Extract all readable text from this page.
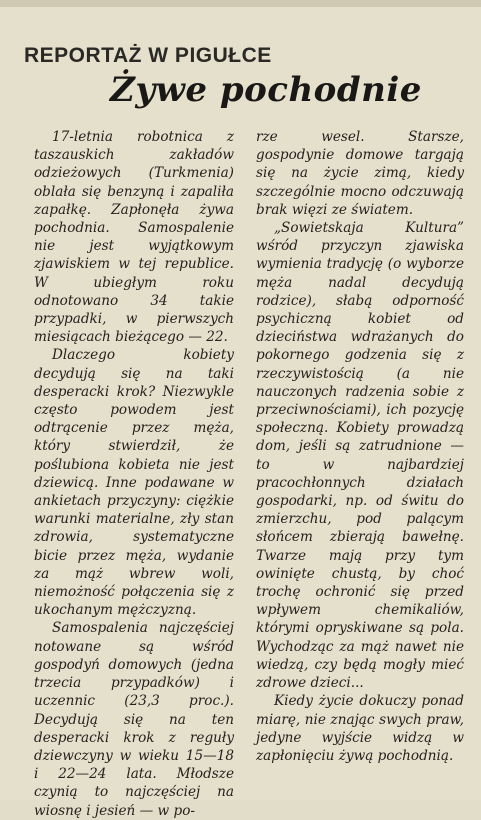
REPORTAŻ W PIGUŁCE
Żywe pochodnie

17-letnia robotnica z taszauskich zakładów odzieżowych (Turkmenia) oblała się benzyną i zapaliła zapałkę. Zapłonęła żywa pochodnia. Samospalenie nie jest wyjątkowym zjawiskiem w tej republice. W ubiegłym roku odnotowano 34 takie przypadki, w pierwszych miesiącach bieżącego — 22.

Dlaczego kobiety decydują się na taki desperacki krok? Niezwykle często powodem jest odtrącenie przez męża, który stwierdził, że poślubiona kobieta nie jest dziewicą. Inne podawane w ankietach przyczyny: ciężkie warunki materialne, zły stan zdrowia, systematyczne bicie przez męża, wydanie za mąż wbrew woli, niemożność połączenia się z ukochanym mężczyzną.

Samospalenia najczęściej notowane są wśród gospodyń domowych (jedna trzecia przypadków) i uczennic (23,3 proc.). Decydują się na ten desperacki krok z reguły dziewczyny w wieku 15—18 i 22—24 lata. Młodsze czynią to najczęściej na wiosnę i jesień — w po-

rze wesel. Starsze, gospodynie domowe targają się na życie zimą, kiedy szczególnie mocno odczuwają brak więzi ze światem.

„Sowietskaja Kultura” wśród przyczyn zjawiska wymienia tradycję (o wyborze męża nadal decydują rodzice), słabą odporność psychiczną kobiet od dzieciństwa wdrażanych do pokornego godzenia się z rzeczywistością (a nie nauczonych radzenia sobie z przeciwnościami), ich pozycję społeczną. Kobiety prowadzą dom, jeśli są zatrudnione — to w najbardziej pracochłonnych działach gospodarki, np. od świtu do zmierzchu, pod palącym słońcem zbierają bawełnę. Twarze mają przy tym owinięte chustą, by choć trochę ochronić się przed wpływem chemikaliów, którymi opryskiwane są pola. Wychodząc za mąż nawet nie wiedzą, czy będą mogły mieć zdrowe dzieci...

Kiedy życie dokuczy ponad miarę, nie znając swych praw, jedyne wyjście widzą w zapłonięciu żywą pochodnią.
